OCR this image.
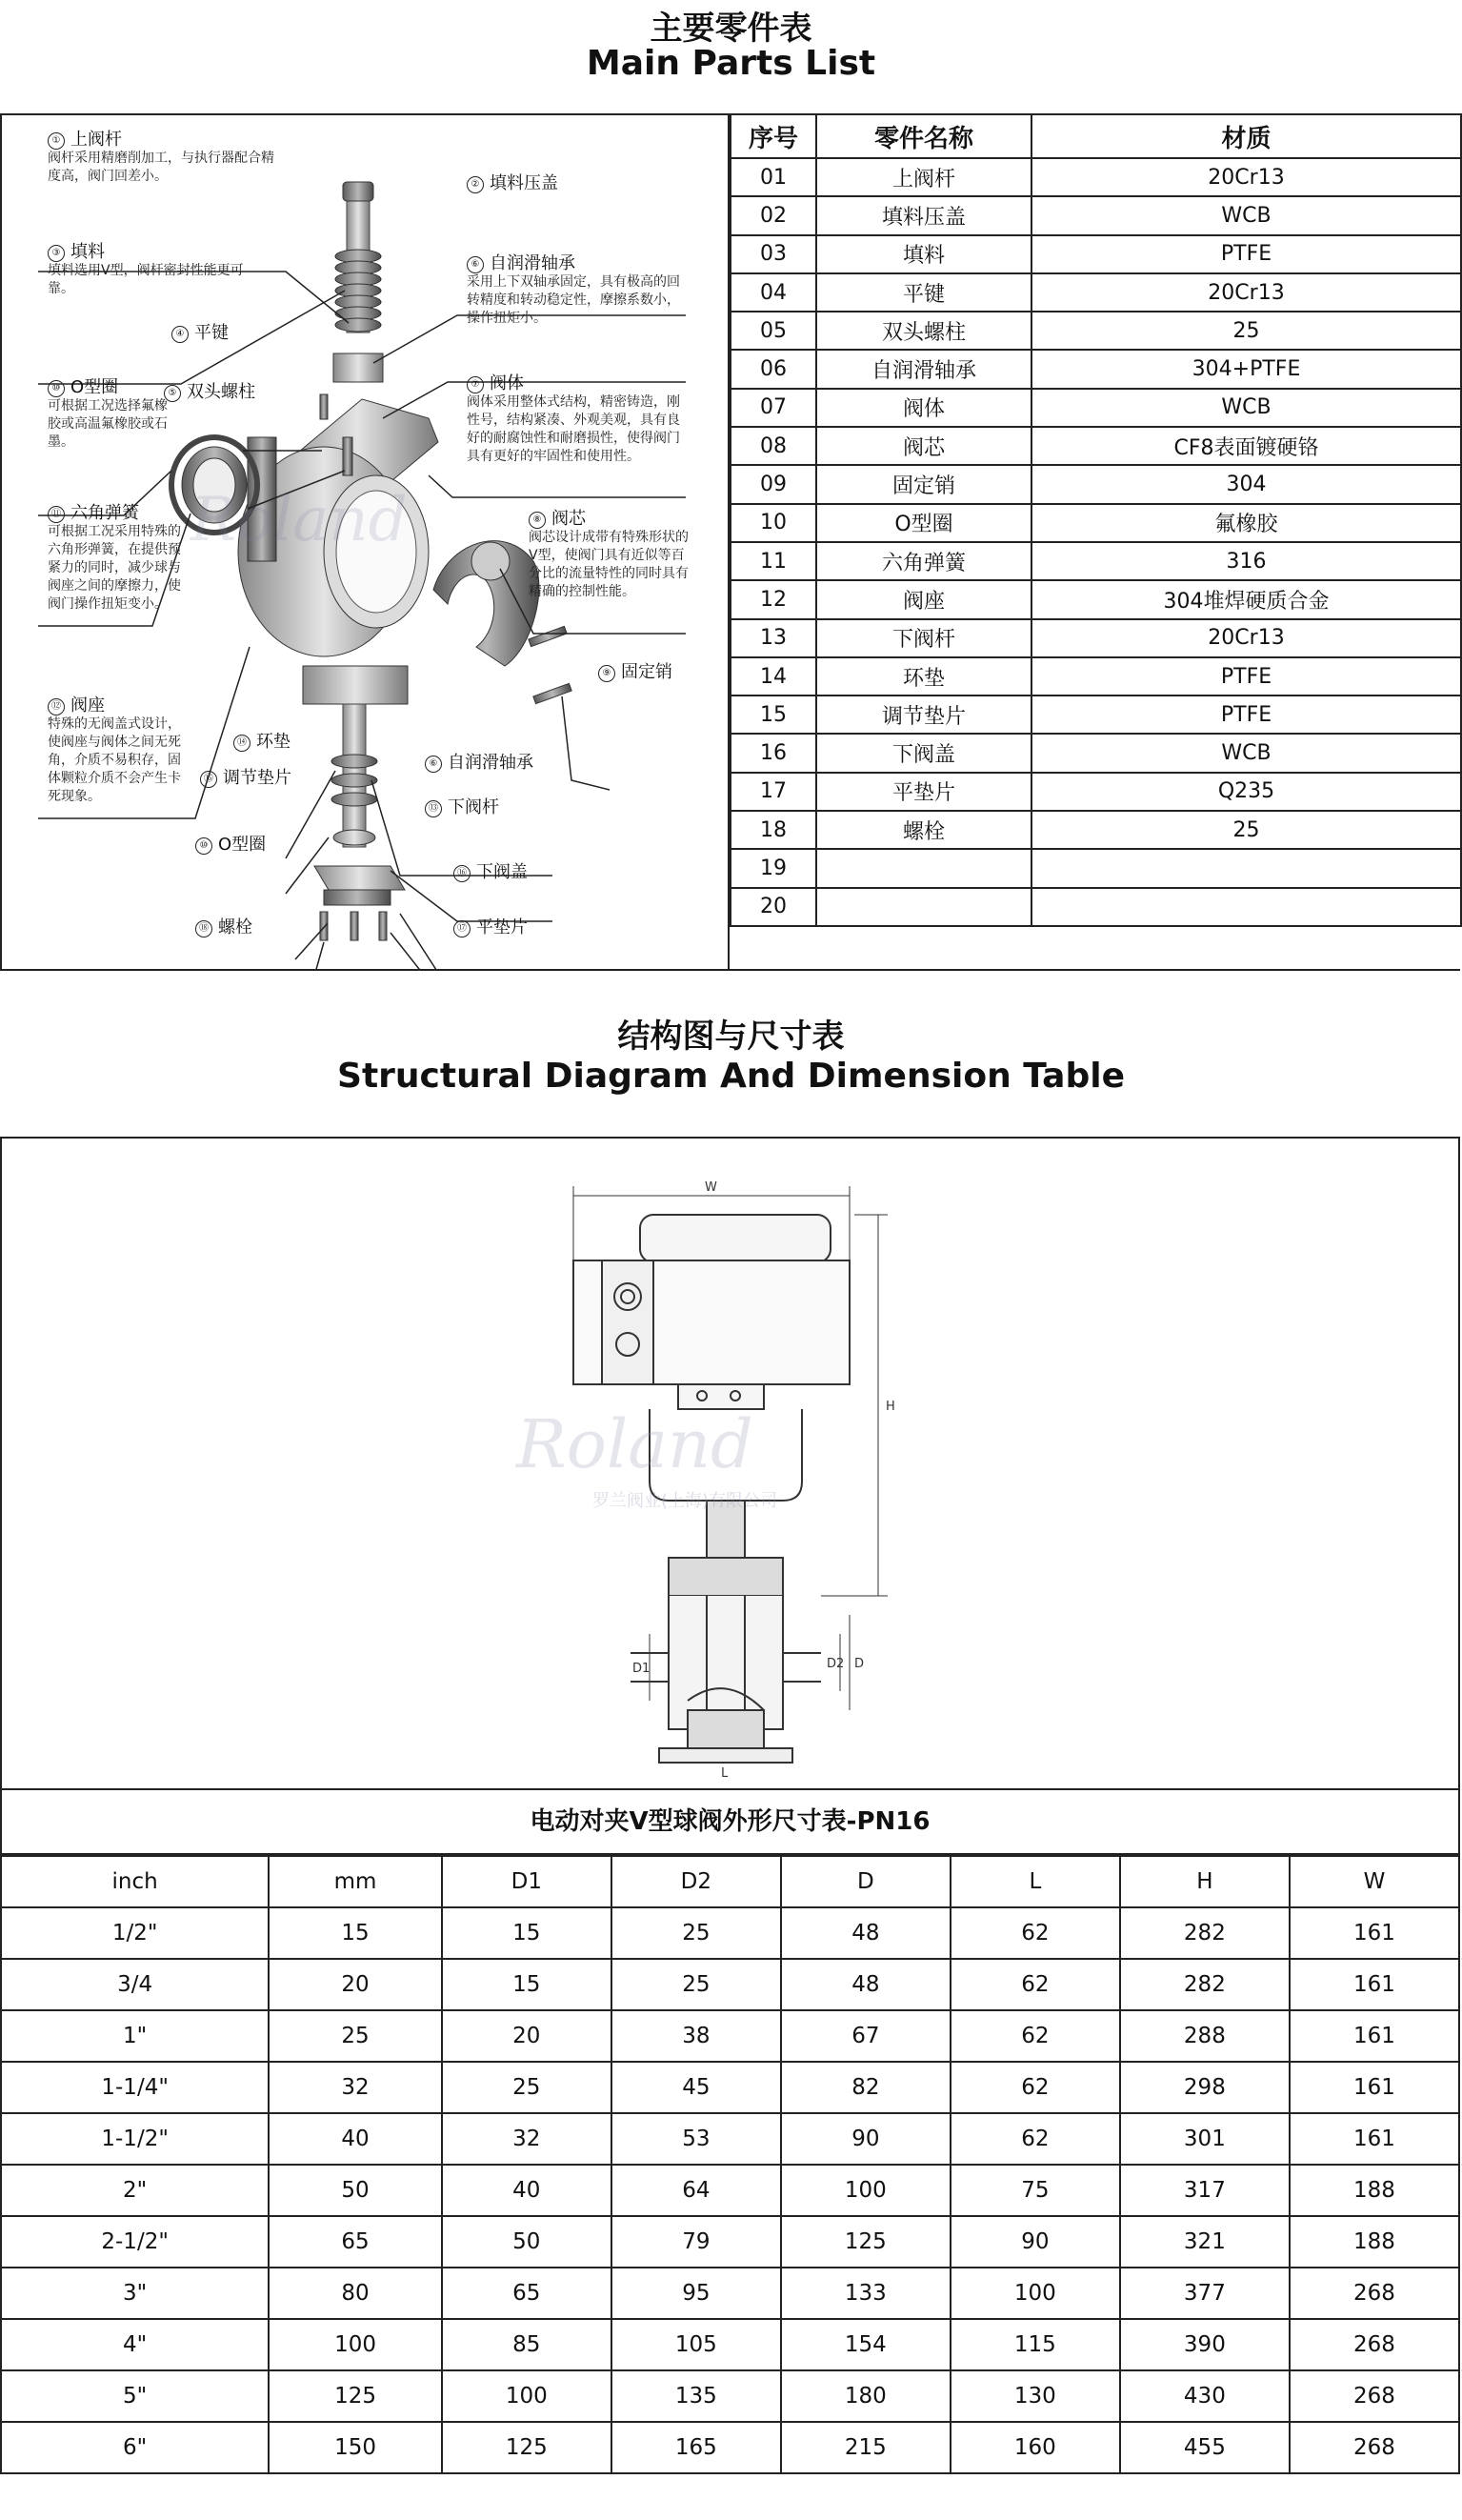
主要零件表
Main Parts List
① 上阀杆
阀杆采用精磨削加工，与执行器配合精度高，阀门回差小。
② 填料压盖
③ 填料
填料选用V型，阀杆密封性能更可靠。
④ 平键
⑤ 双头螺柱
⑥ 自润滑轴承
采用上下双轴承固定，具有极高的回转精度和转动稳定性，摩擦系数小，操作扭矩小。
⑦ 阀体
阀体采用整体式结构，精密铸造，刚性号，结构紧凑、外观美观，具有良好的耐腐蚀性和耐磨损性，使得阀门具有更好的牢固性和使用性。
⑧ 阀芯
阀芯设计成带有特殊形状的V型，使阀门具有近似等百分比的流量特性的同时具有精确的控制性能。
⑨ 固定销
⑩ O型圈
可根据工况选择氟橡胶或高温氟橡胶或石墨。
⑪ 六角弹簧
可根据工况采用特殊的六角形弹簧，在提供预紧力的同时，减少球与阀座之间的摩擦力，使阀门操作扭矩变小。
⑫ 阀座
特殊的无阀盖式设计，使阀座与阀体之间无死角，介质不易积存，固体颗粒介质不会产生卡死现象。
⑭ 环垫
⑮ 调节垫片
⑥ 自润滑轴承
⑬ 下阀杆
⑩ O型圈
⑯ 下阀盖
⑱ 螺栓	⑰ 平垫片
Roland
序号	零件名称	材质
01	上阀杆	20Cr13
02	填料压盖	WCB
03	填料	PTFE
04	平键	20Cr13
05	双头螺柱	25
06	自润滑轴承	304+PTFE
07	阀体	WCB
08	阀芯	CF8表面镀硬铬
09	固定销	304
10	O型圈	氟橡胶
11	六角弹簧	316
12	阀座	304堆焊硬质合金
13	下阀杆	20Cr13
14	环垫	PTFE
15	调节垫片	PTFE
16	下阀盖	WCB
17	平垫片	Q235
18	螺栓	25
19		
20		
结构图与尺寸表
Structural Diagram And Dimension Table
W
H
D1	D2 D
L
Roland
罗兰阀业(上海)有限公司
电动对夹V型球阀外形尺寸表-PN16
inch	mm	D1	D2	D	L	H	W
1/2"	15	15	25	48	62	282	161
3/4	20	15	25	48	62	282	161
1"	25	20	38	67	62	288	161
1-1/4"	32	25	45	82	62	298	161
1-1/2"	40	32	53	90	62	301	161
2"	50	40	64	100	75	317	188
2-1/2"	65	50	79	125	90	321	188
3"	80	65	95	133	100	377	268
4"	100	85	105	154	115	390	268
5"	125	100	135	180	130	430	268
6"	150	125	165	215	160	455	268
